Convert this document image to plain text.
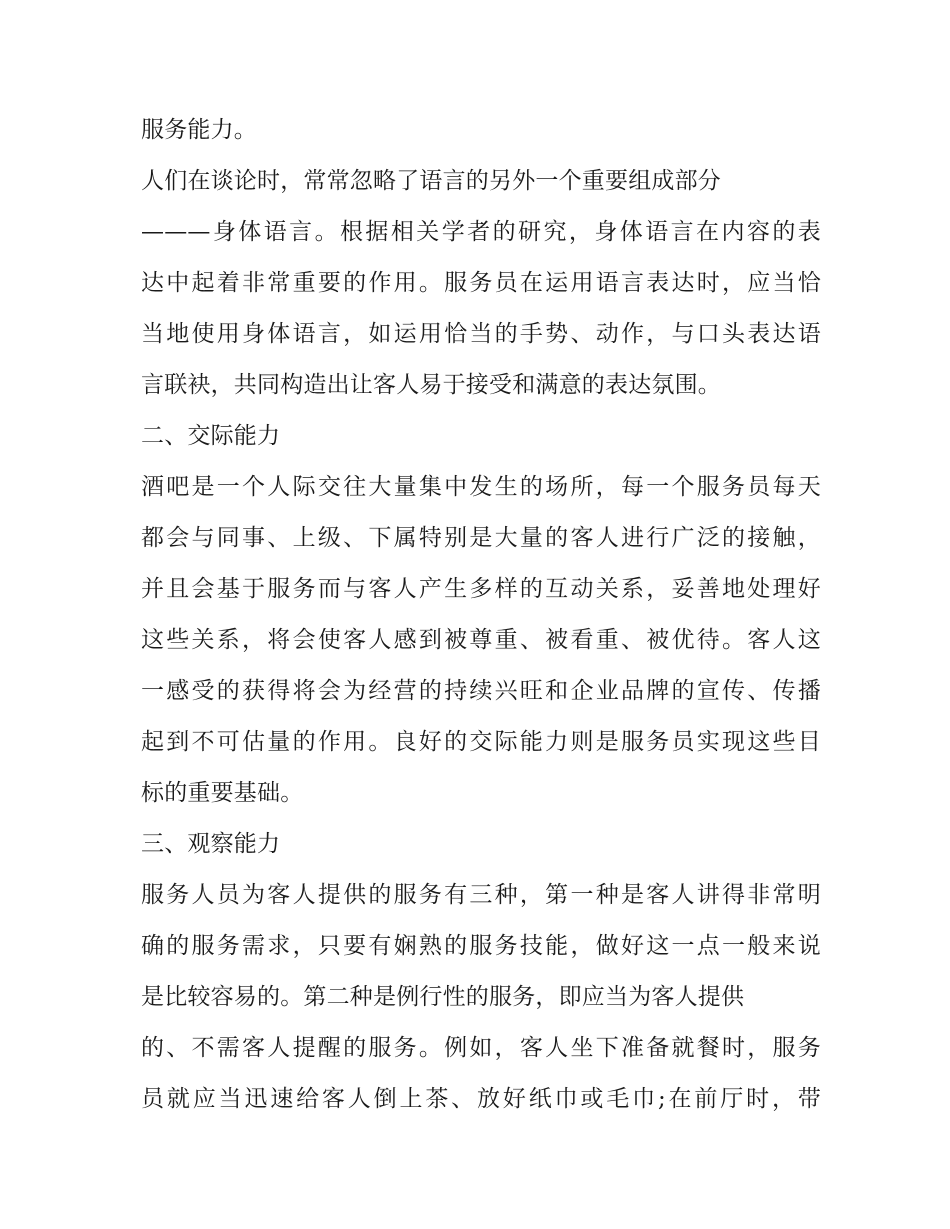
服务能力。
人们在谈论时，常常忽略了语言的另外一个重要组成部分
———身体语言。根据相关学者的研究，身体语言在内容的表
达中起着非常重要的作用。服务员在运用语言表达时，应当恰
当地使用身体语言，如运用恰当的手势、动作，与口头表达语
言联袂，共同构造出让客人易于接受和满意的表达氛围。
二、交际能力
酒吧是一个人际交往大量集中发生的场所，每一个服务员每天
都会与同事、上级、下属特别是大量的客人进行广泛的接触，
并且会基于服务而与客人产生多样的互动关系，妥善地处理好
这些关系，将会使客人感到被尊重、被看重、被优待。客人这
一感受的获得将会为经营的持续兴旺和企业品牌的宣传、传播
起到不可估量的作用。良好的交际能力则是服务员实现这些目
标的重要基础。
三、观察能力
服务人员为客人提供的服务有三种，第一种是客人讲得非常明
确的服务需求，只要有娴熟的服务技能，做好这一点一般来说
是比较容易的。第二种是例行性的服务，即应当为客人提供
的、不需客人提醒的服务。例如，客人坐下准备就餐时，服务
员就应当迅速给客人倒上茶、放好纸巾或毛巾;在前厅时，带
